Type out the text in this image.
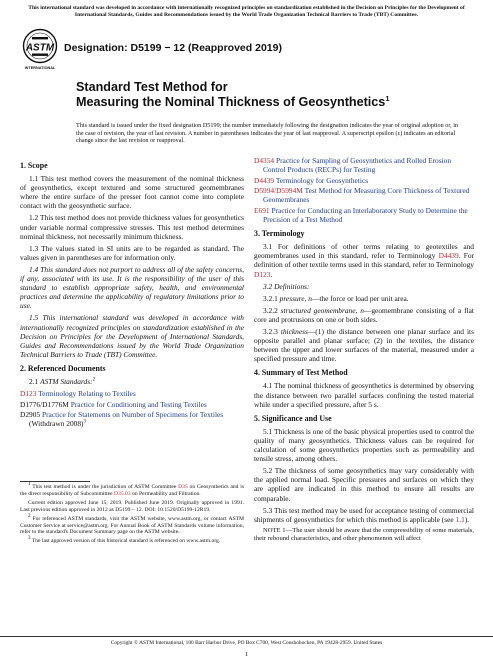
This international standard was developed in accordance with internationally recognized principles on standardization established in the Decision on Principles for the Development of International Standards, Guides and Recommendations issued by the World Trade Organization Technical Barriers to Trade (TBT) Committee.
ASTM
INTERNATIONAL
Designation: D5199 − 12 (Reapproved 2019)
Standard Test Method for
Measuring the Nominal Thickness of Geosynthetics$^1$
This standard is issued under the fixed designation D5199; the number immediately following the designation indicates the year of original adoption or, in the case of revision, the year of last revision. A number in parentheses indicates the year of last reapproval. A superscript epsilon (ε) indicates an editorial change since the last revision or reapproval.
1. Scope

1.1 This test method covers the measurement of the nominal thickness of geosynthetics, except textured and some structured geomembranes where the entire surface of the presser foot cannot come into complete contact with the geosynthetic surface.

1.2 This test method does not provide thickness values for geosynthetics under variable normal compressive stresses. This test method determines nominal thickness, not necessarily minimum thickness.

1.3 The values stated in SI units are to be regarded as standard. The values given in parentheses are for information only.

1.4 This standard does not purport to address all of the safety concerns, if any, associated with its use. It is the responsibility of the user of this standard to establish appropriate safety, health, and environmental practices and determine the applicability of regulatory limitations prior to use.

1.5 This international standard was developed in accordance with internationally recognized principles on standardization established in the Decision on Principles for the Development of International Standards, Guides and Recommendations issued by the World Trade Organization Technical Barriers to Trade (TBT) Committee.

2. Referenced Documents

2.1 ASTM Standards:$^2$

D123 Terminology Relating to Textiles
D1776/D1776M Practice for Conditioning and Testing Textiles
D2905 Practice for Statements on Number of Specimens for Textiles (Withdrawn 2008)$^3$
D4354 Practice for Sampling of Geosynthetics and Rolled Erosion Control Products (RECPs) for Testing
D4439 Terminology for Geosynthetics
D5994/D5994M Test Method for Measuring Core Thickness of Textured Geomembranes
E691 Practice for Conducting an Interlaboratory Study to Determine the Precision of a Test Method
3. Terminology

3.1 For definitions of other terms relating to geotextiles and geomembranes used in this standard, refer to Terminology D4439. For definition of other textile terms used in this standard, refer to Terminology D123.

3.2 Definitions:

3.2.1 pressure, n—the force or load per unit area.

3.2.2 structured geomembrane, n—geomembrane consisting of a flat core and protrusions on one or both sides.

3.2.3 thickness—(1) the distance between one planar surface and its opposite parallel and planar surface; (2) in the textiles, the distance between the upper and lower surfaces of the material, measured under a specified pressure and time.

4. Summary of Test Method

4.1 The nominal thickness of geosynthetics is determined by observing the distance between two parallel surfaces confining the tested material while under a specified pressure, after 5 s.

5. Significance and Use

5.1 Thickness is one of the basic physical properties used to control the quality of many geosynthetics. Thickness values can be required for calculation of some geosynthetics properties such as permeability and tensile stress, among others.

5.2 The thickness of some geosynthetics may vary considerably with the applied normal load. Specific pressures and surfaces on which they are applied are indicated in this method to ensure all results are comparable.

5.3 This test method may be used for acceptance testing of commercial shipments of geosynthetics for which this method is applicable (see 1.1).

NOTE 1—The user should be aware that the compressibility of some materials, their rebound characteristics, and other phenomenon will affect

$^1$ This test method is under the jurisdiction of ASTM Committee D35 on Geosynthetics and is the direct responsibility of Subcommittee D35.03 on Permeability and Filtration.

Current edition approved June 15, 2019. Published June 2019. Originally approved in 1991. Last previous edition approved in 2012 as D5199 – 12. DOI: 10.1520/D5199-12R19.

$^2$ For referenced ASTM standards, visit the ASTM website, www.astm.org, or contact ASTM Customer Service at service@astm.org. For Annual Book of ASTM Standards volume information, refer to the standard's Document Summary page on the ASTM website.

$^3$ The last approved version of this historical standard is referenced on www.astm.org.

Copyright © ASTM International, 100 Barr Harbor Drive, PO Box C700, West Conshohocken, PA 19428-2959. United States
1
